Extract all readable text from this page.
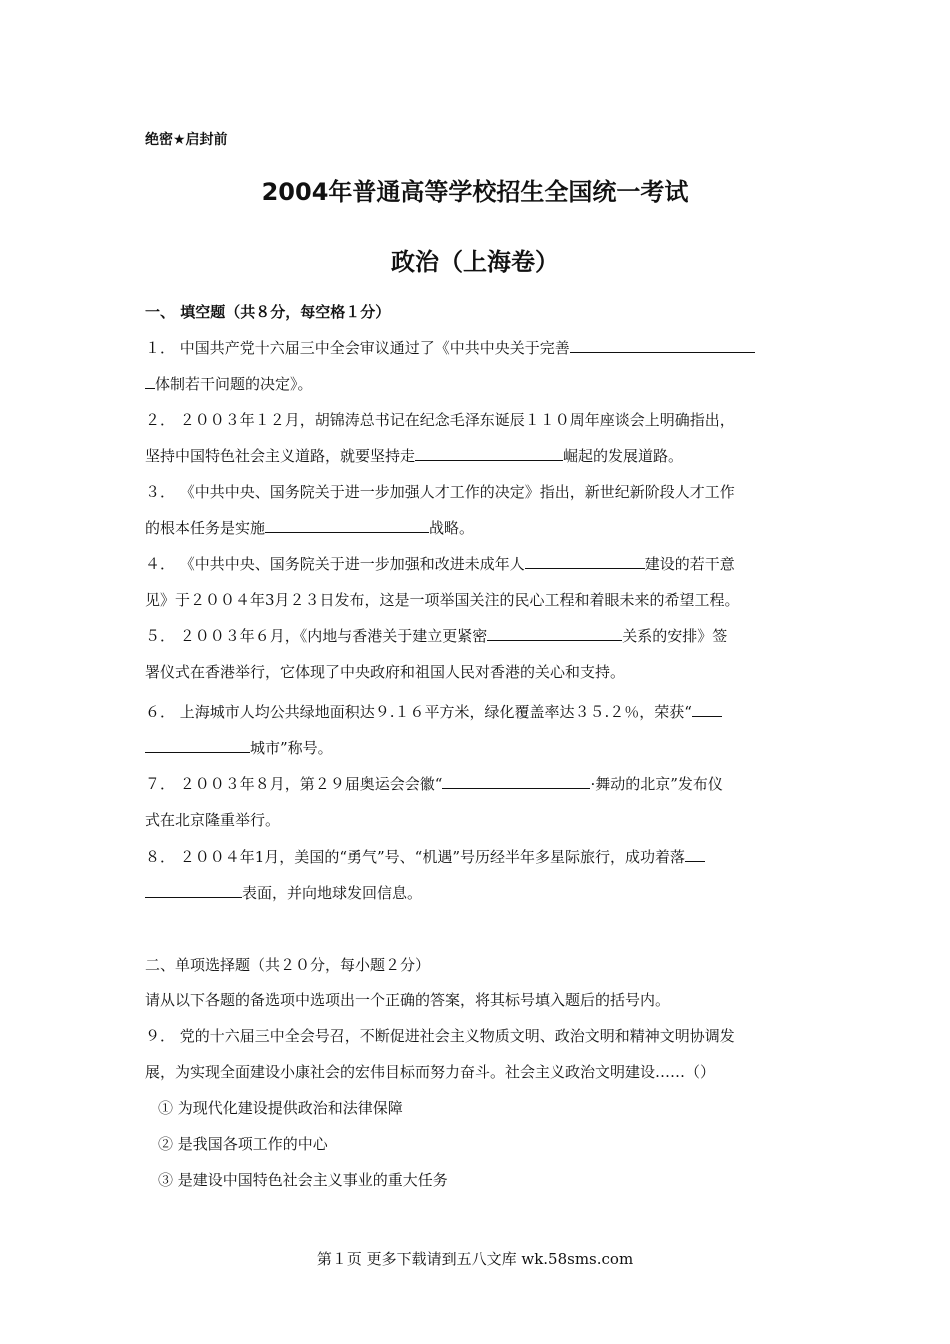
绝密★启封前
2004年普通高等学校招生全国统一考试
政治（上海卷）
一、 填空题（共８分，每空格１分）
１． 中国共产党十六届三中全会审议通过了《中共中央关于完善
体制若干问题的决定》。
２． ２００３年１２月，胡锦涛总书记在纪念毛泽东诞辰１１０周年座谈会上明确指出，
坚持中国特色社会主义道路，就要坚持走	崛起的发展道路。
３． 《中共中央、国务院关于进一步加强人才工作的决定》指出，新世纪新阶段人才工作
的根本任务是实施	战略。
４． 《中共中央、国务院关于进一步加强和改进未成年人	建设的若干意
见》于２００４年3月２３日发布，这是一项举国关注的民心工程和着眼未来的希望工程。
５． ２００３年６月，《内地与香港关于建立更紧密	关系的安排》签
署仪式在香港举行，它体现了中央政府和祖国人民对香港的关心和支持。
６． 上海城市人均公共绿地面积达９.１６平方米，绿化覆盖率达３５.２％，荣获“
城市”称号。
７． ２００３年８月，第２９届奥运会会徽“	·舞动的北京”发布仪
式在北京隆重举行。
８． ２００４年1月，美国的“勇气”号、“机遇”号历经半年多星际旅行，成功着落
表面，并向地球发回信息。
二、单项选择题（共２０分，每小题２分）
请从以下各题的备选项中选项出一个正确的答案，将其标号填入题后的括号内。
９． 党的十六届三中全会号召，不断促进社会主义物质文明、政治文明和精神文明协调发
展，为实现全面建设小康社会的宏伟目标而努力奋斗。社会主义政治文明建设……（）
① 为现代化建设提供政治和法律保障
② 是我国各项工作的中心
③ 是建设中国特色社会主义事业的重大任务
第１页 更多下载请到五八文库 wk.58sms.com
